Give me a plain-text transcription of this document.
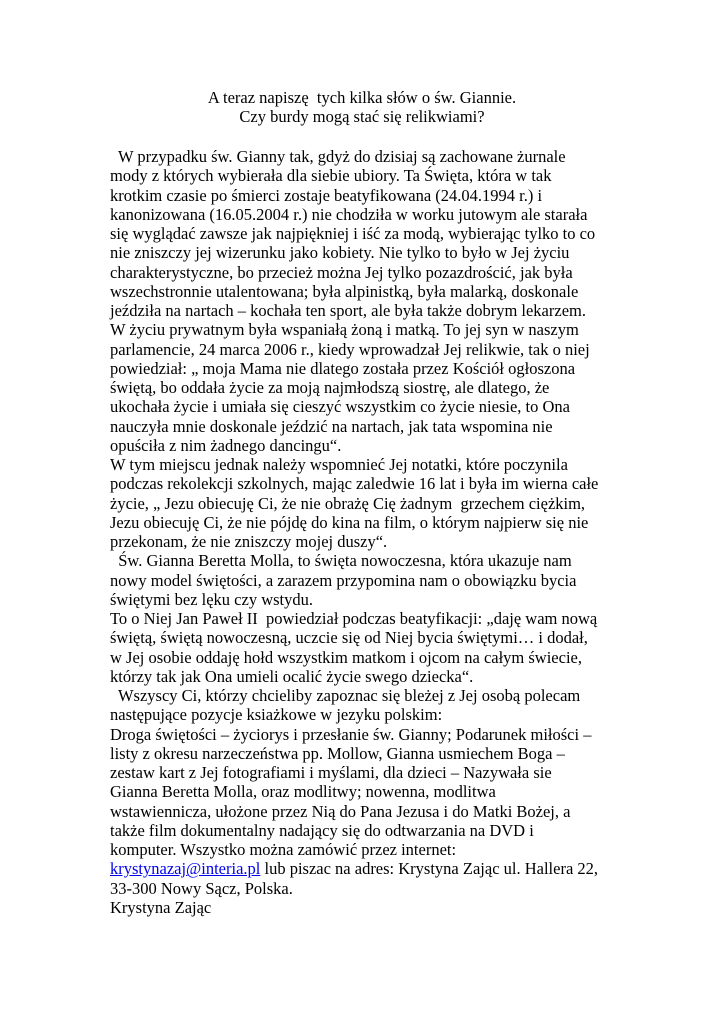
A teraz napiszę  tych kilka słów o św. Giannie.
Czy burdy mogą stać się relikwiami?
W przypadku św. Gianny tak, gdyż do dzisiaj są zachowane żurnale
mody z których wybierała dla siebie ubiory. Ta Święta, która w tak
krotkim czasie po śmierci zostaje beatyfikowana (24.04.1994 r.) i
kanonizowana (16.05.2004 r.) nie chodziła w worku jutowym ale starała
się wyglądać zawsze jak najpiękniej i iść za modą, wybierając tylko to co
nie zniszczy jej wizerunku jako kobiety. Nie tylko to było w Jej życiu
charakterystyczne, bo przecież można Jej tylko pozazdrościć, jak była
wszechstronnie utalentowana; była alpinistką, była malarką, doskonale
jeździła na nartach – kochała ten sport, ale była także dobrym lekarzem.
W życiu prywatnym była wspaniałą żoną i matką. To jej syn w naszym
parlamencie, 24 marca 2006 r., kiedy wprowadzał Jej relikwie, tak o niej
powiedział: „ moja Mama nie dlatego została przez Kościół ogłoszona
świętą, bo oddała życie za moją najmłodszą siostrę, ale dlatego, że
ukochała życie i umiała się cieszyć wszystkim co życie niesie, to Ona
nauczyła mnie doskonale jeździć na nartach, jak tata wspomina nie
opuściła z nim żadnego dancingu“.
W tym miejscu jednak należy wspomnieć Jej notatki, które poczynila
podczas rekolekcji szkolnych, mając zaledwie 16 lat i była im wierna całe
życie, „ Jezu obiecuję Ci, że nie obrażę Cię żadnym  grzechem ciężkim,
Jezu obiecuję Ci, że nie pójdę do kina na film, o którym najpierw się nie
przekonam, że nie zniszczy mojej duszy“.
Św. Gianna Beretta Molla, to święta nowoczesna, która ukazuje nam
nowy model świętości, a zarazem przypomina nam o obowiązku bycia
świętymi bez lęku czy wstydu.
To o Niej Jan Paweł II  powiedział podczas beatyfikacji: „daję wam nową
świętą, świętą nowoczesną, uczcie się od Niej bycia świętymi… i dodał,
w Jej osobie oddaję hołd wszystkim matkom i ojcom na całym świecie,
którzy tak jak Ona umieli ocalić życie swego dziecka“.
Wszyscy Ci, którzy chcieliby zapoznac się bleżej z Jej osobą polecam
następujące pozycje ksiażkowe w jezyku polskim:
Droga świętości – życiorys i przesłanie św. Gianny; Podarunek miłości –
listy z okresu narzeczeństwa pp. Mollow, Gianna usmiechem Boga –
zestaw kart z Jej fotografiami i myślami, dla dzieci – Nazywała sie
Gianna Beretta Molla, oraz modlitwy; nowenna, modlitwa
wstawiennicza, ułożone przez Nią do Pana Jezusa i do Matki Bożej, a
także film dokumentalny nadający się do odtwarzania na DVD i
komputer. Wszystko można zamówić przez internet:
krystynazaj@interia.pl lub piszac na adres: Krystyna Zając ul. Hallera 22,
33-300 Nowy Sącz, Polska.
Krystyna Zając
